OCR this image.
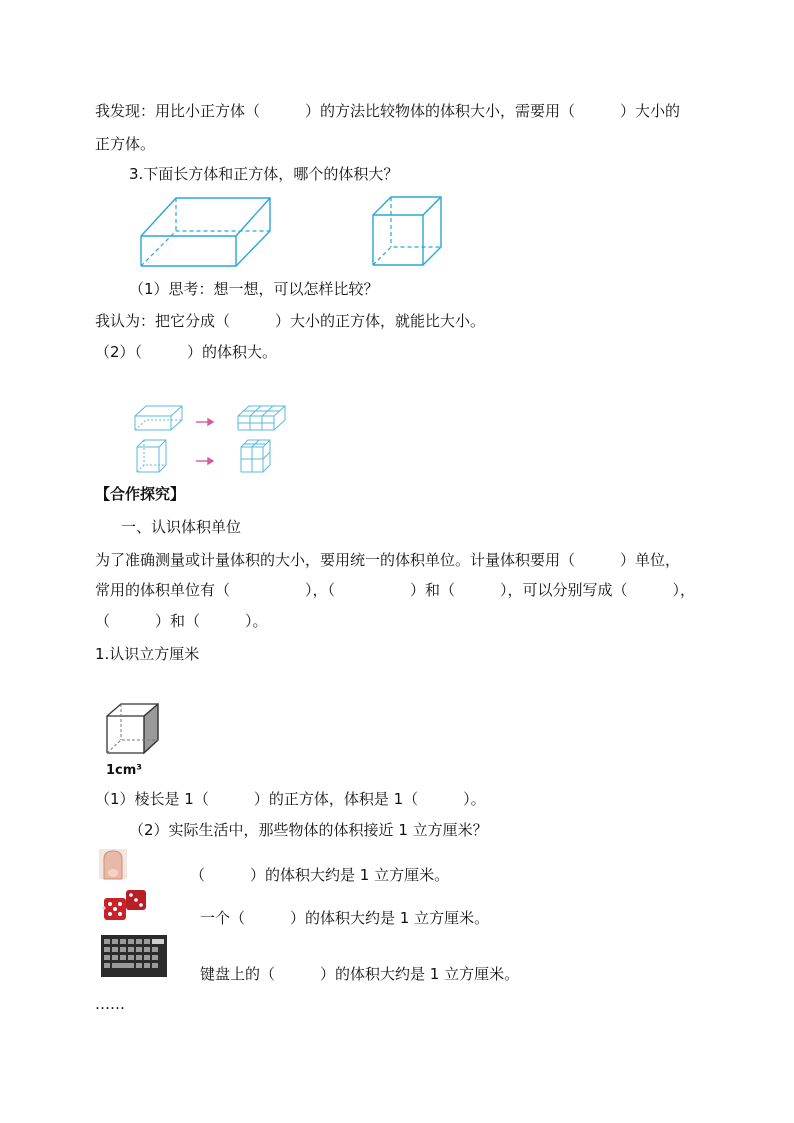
我发现：用比小正方体（　　　）的方法比较物体的体积大小，需要用（　　　）大小的
正方体。
3.下面长方体和正方体，哪个的体积大？
（1）思考：想一想，可以怎样比较？
我认为：把它分成（　　　）大小的正方体，就能比大小。
（2）（　　　）的体积大。
【合作探究】
一、认识体积单位
为了准确测量或计量体积的大小，要用统一的体积单位。计量体积要用（　　　）单位，
常用的体积单位有（　　　　　），（　　　　　）和（　　　），可以分别写成（　　　），
（　　　）和（　　　）。
1.认识立方厘米
1cm³
（1）棱长是 1（　　　）的正方体，体积是 1（　　　）。
（2）实际生活中，那些物体的体积接近 1 立方厘米？
（　　　）的体积大约是 1 立方厘米。
一个（　　　）的体积大约是 1 立方厘米。
键盘上的（　　　）的体积大约是 1 立方厘米。
……
